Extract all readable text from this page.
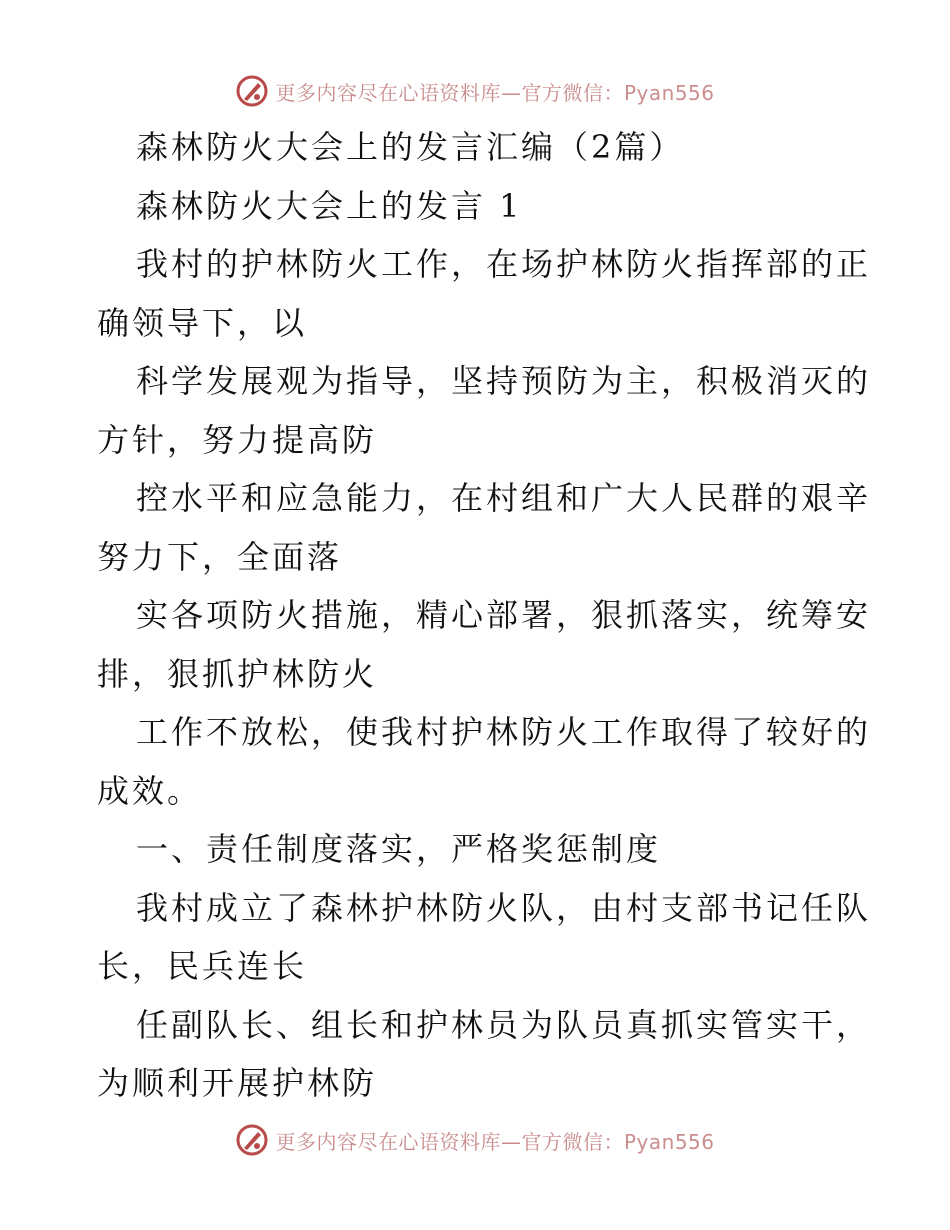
更多内容尽在心语资料库—官方微信：Pyan556
森林防火大会上的发言汇编（2篇）
森林防火大会上的发言 1
我村的护林防火工作，在场护林防火指挥部的正
确领导下，以
科学发展观为指导，坚持预防为主，积极消灭的
方针，努力提高防
控水平和应急能力，在村组和广大人民群的艰辛
努力下，全面落
实各项防火措施，精心部署，狠抓落实，统筹安
排，狠抓护林防火
工作不放松，使我村护林防火工作取得了较好的
成效。
一、责任制度落实，严格奖惩制度
我村成立了森林护林防火队，由村支部书记任队
长，民兵连长
任副队长、组长和护林员为队员真抓实管实干，
为顺利开展护林防
更多内容尽在心语资料库—官方微信：Pyan556
